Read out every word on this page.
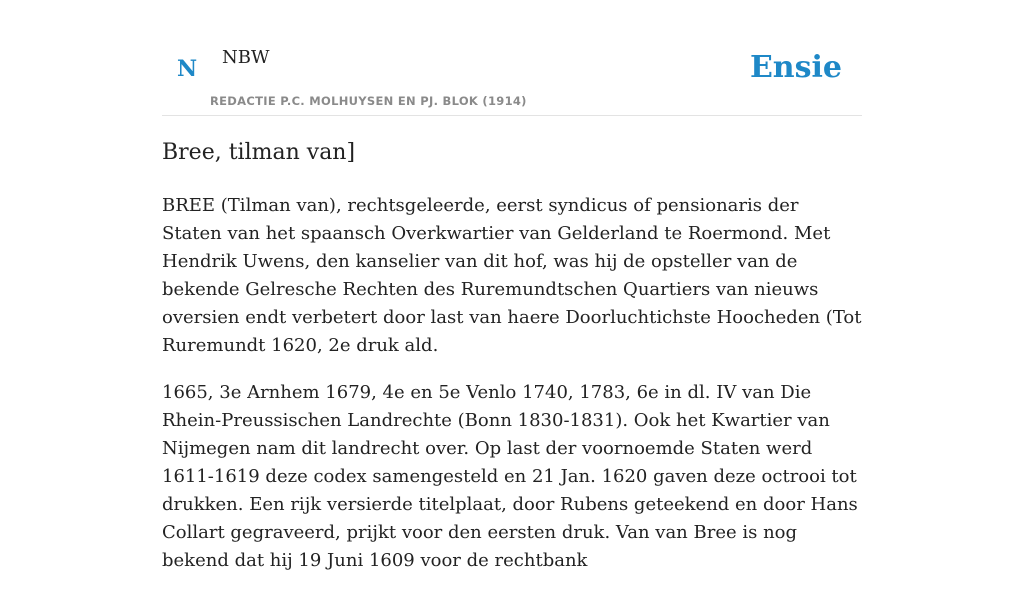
N NBW
REDACTIE P.C. MOLHUYSEN EN PJ. BLOK (1914)
Ensie
Bree, tilman van]

BREE (Tilman van), rechtsgeleerde, eerst syndicus of pensionaris der Staten van het spaansch Overkwartier van Gelderland te Roermond. Met Hendrik Uwens, den kanselier van dit hof, was hij de opsteller van de bekende Gelresche Rechten des Ruremundtschen Quartiers van nieuws oversien endt verbetert door last van haere Doorluchtichste Hoocheden (Tot Ruremundt 1620, 2e druk ald.

1665, 3e Arnhem 1679, 4e en 5e Venlo 1740, 1783, 6e in dl. IV van Die Rhein-Preussischen Landrechte (Bonn 1830-1831). Ook het Kwartier van Nijmegen nam dit landrecht over. Op last der voornoemde Staten werd 1611-1619 deze codex samengesteld en 21 Jan. 1620 gaven deze octrooi tot drukken. Een rijk versierde titelplaat, door Rubens geteekend en door Hans Collart gegraveerd, prijkt voor den eersten druk. Van van Bree is nog bekend dat hij 19 Juni 1609 voor de rechtbank
